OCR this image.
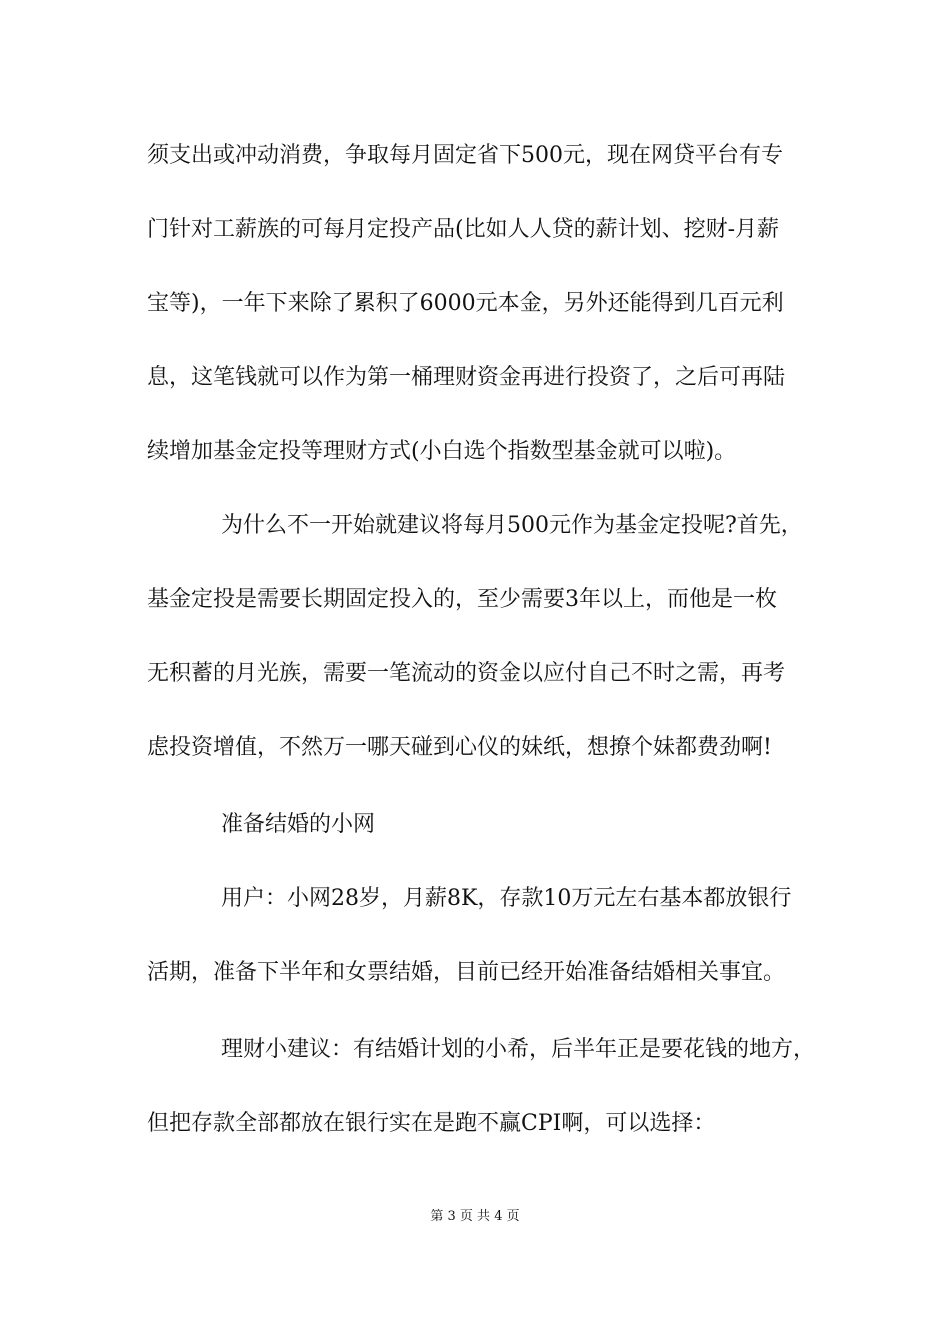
须支出或冲动消费，争取每月固定省下500元，现在网贷平台有专
门针对工薪族的可每月定投产品(比如人人贷的薪计划、挖财-月薪
宝等)，一年下来除了累积了6000元本金，另外还能得到几百元利
息，这笔钱就可以作为第一桶理财资金再进行投资了，之后可再陆
续增加基金定投等理财方式(小白选个指数型基金就可以啦)。
为什么不一开始就建议将每月500元作为基金定投呢?首先，
基金定投是需要长期固定投入的，至少需要3年以上，而他是一枚
无积蓄的月光族，需要一笔流动的资金以应付自己不时之需，再考
虑投资增值，不然万一哪天碰到心仪的妹纸，想撩个妹都费劲啊!
准备结婚的小网
用户：小网28岁，月薪8K，存款10万元左右基本都放银行
活期，准备下半年和女票结婚，目前已经开始准备结婚相关事宜。
理财小建议：有结婚计划的小希，后半年正是要花钱的地方，
但把存款全部都放在银行实在是跑不赢CPI啊，可以选择：
第 3 页 共 4 页
